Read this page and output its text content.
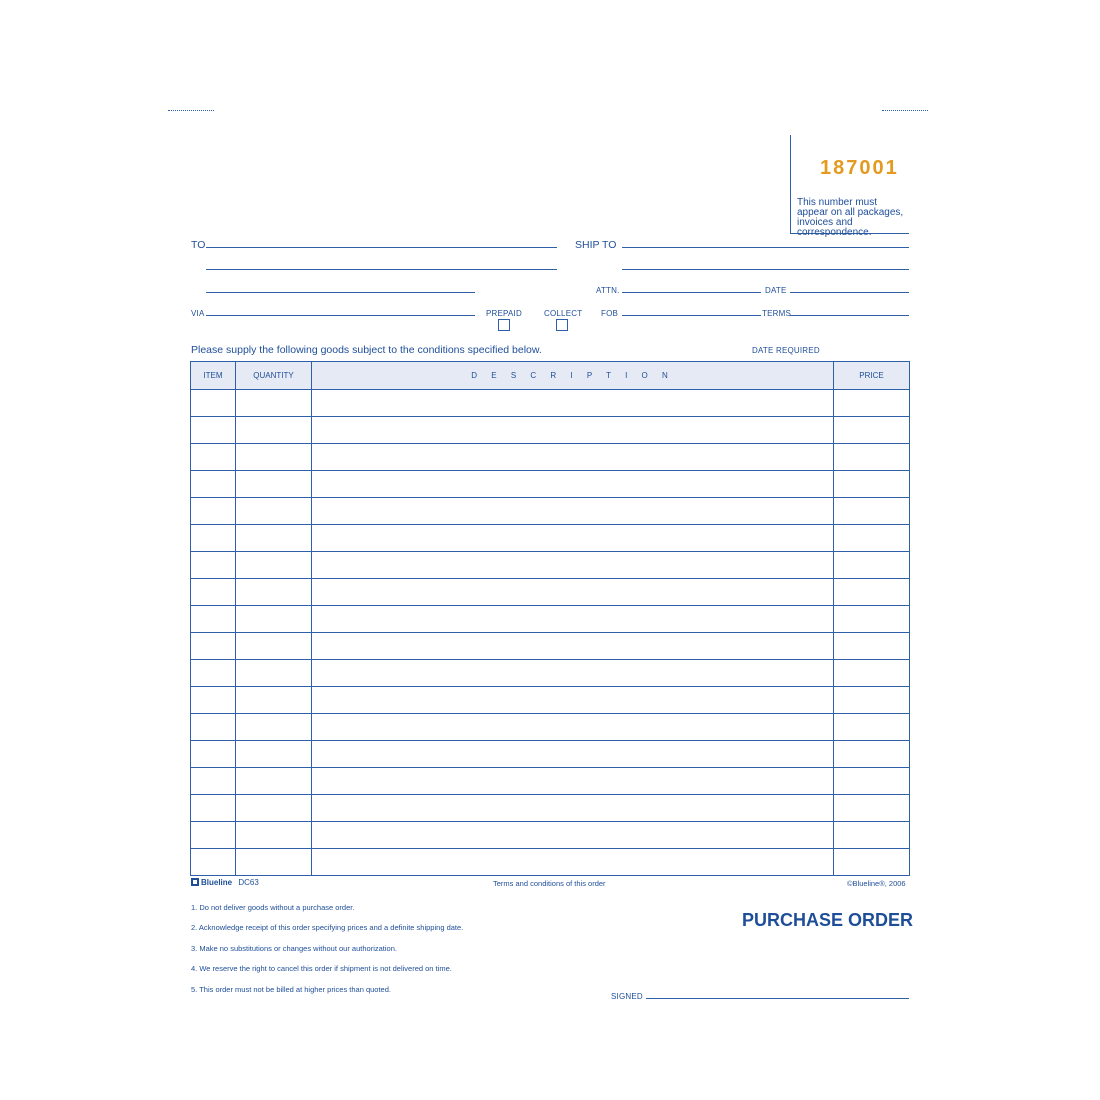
187001
This number must appear on all packages, invoices and correspondence.
TO	SHIP TO
ATTN.	DATE
VIA	PREPAID	COLLECT FOB	TERMS
Please supply the following goods subject to the conditions specified below.	DATE REQUIRED
ITEM	QUANTITY	D E S C R I P T I O N	PRICE

Blueline DC63	Terms and conditions of this order	©Blueline®, 2006
1. Do not deliver goods without a purchase order.
2. Acknowledge receipt of this order specifying prices and a definite shipping date.
3. Make no substitutions or changes without our authorization.
4. We reserve the right to cancel this order if shipment is not delivered on time.
5. This order must not be billed at higher prices than quoted.
PURCHASE ORDER
SIGNED
